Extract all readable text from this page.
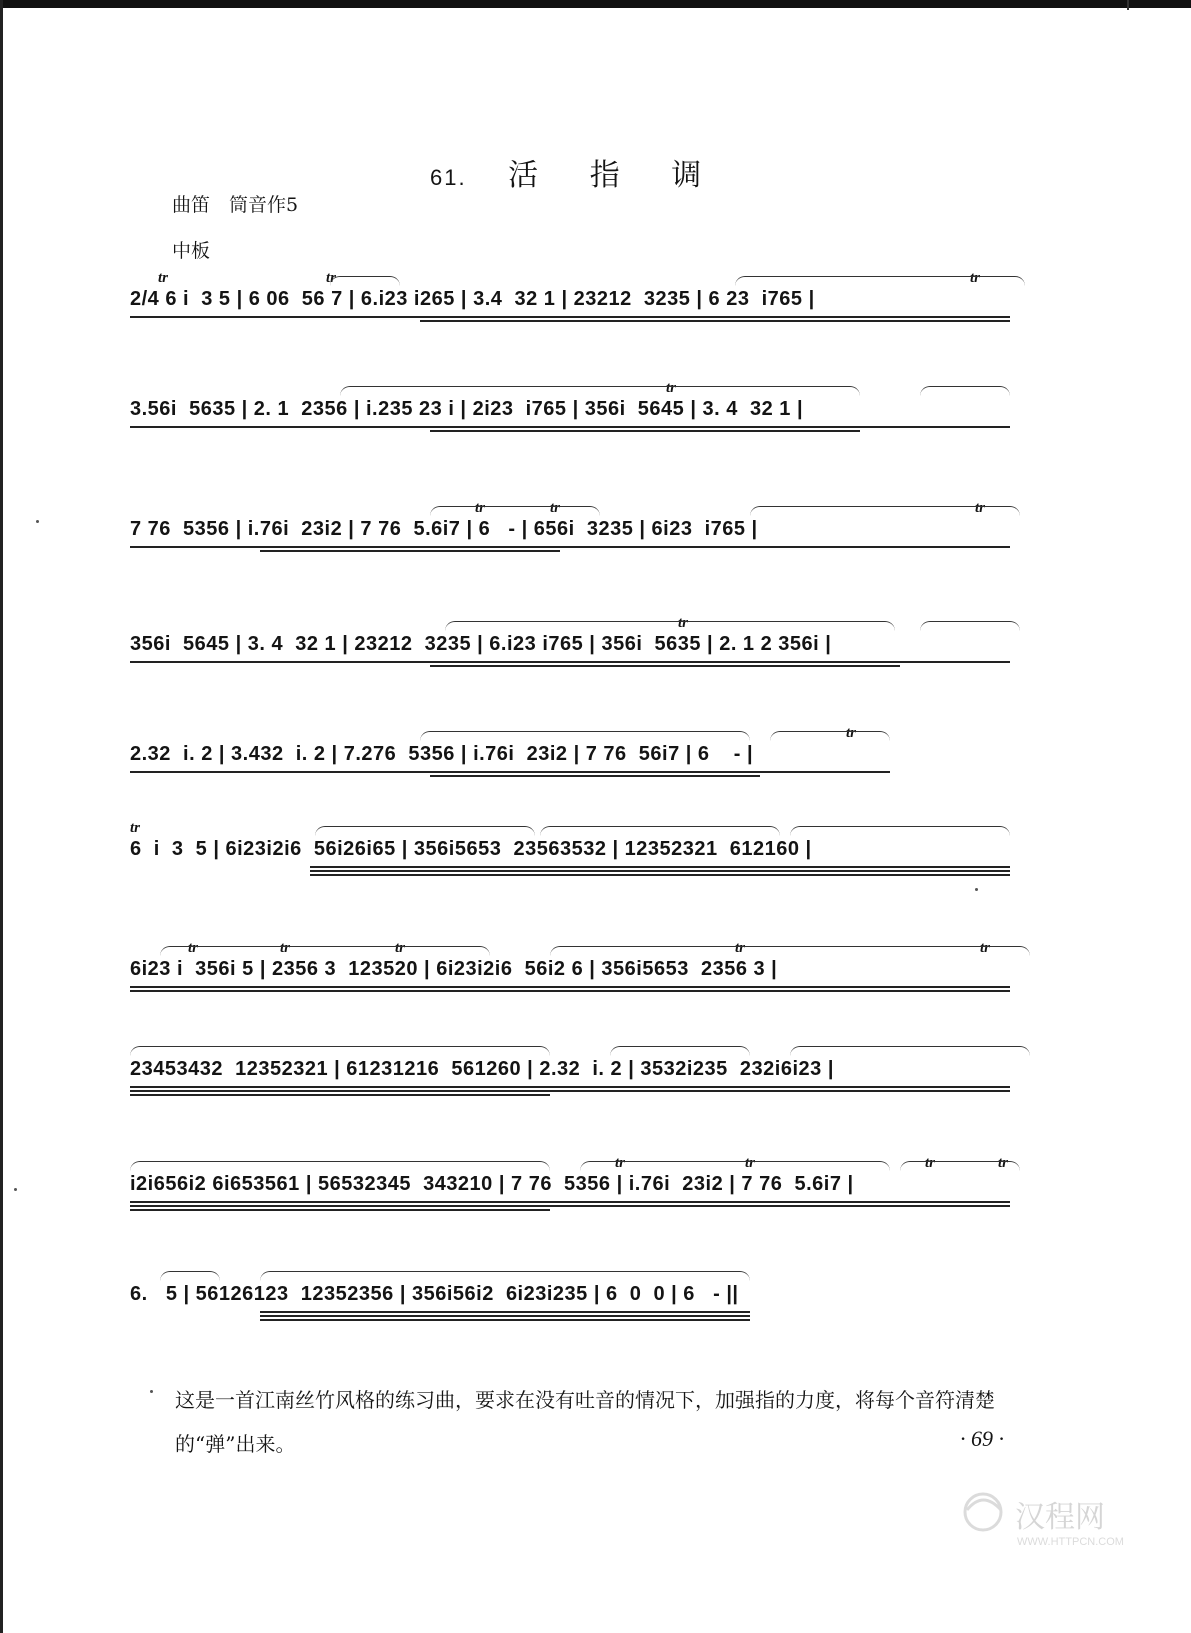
61. 活 指 调
曲笛　筒音作5
中板
tr	tr	tr
2/4 6 i  3 5 | 6 06  56 7 | 6.i23 i265 | 3.4  32 1 | 23212  3235 | 6 23  i765 |
tr
3.56i  5635 | 2. 1  2356 | i.235 23 i | 2i23  i765 | 356i  5645 | 3. 4  32 1 |
tr	tr	tr
7 76  5356 | i.76i  23i2 | 7 76  5.6i7 | 6   - | 656i  3235 | 6i23  i765 |
tr
356i  5645 | 3. 4  32 1 | 23212  3235 | 6.i23 i765 | 356i  5635 | 2. 1 2 356i |
tr
2.32  i. 2 | 3.432  i. 2 | 7.276  5356 | i.76i  23i2 | 7 76  56i7 | 6    - |
tr
6  i  3  5 | 6i23i2i6  56i26i65 | 356i5653  23563532 | 12352321  612160 |
tr	tr	tr	tr	tr
6i23 i  356i 5 | 2356 3  123520 | 6i23i2i6  56i2 6 | 356i5653  2356 3 |
23453432  12352321 | 61231216  561260 | 2.32  i. 2 | 3532i235  232i6i23 |
tr	tr	tr	tr
i2i656i2 6i653561 | 56532345  343210 | 7 76  5356 | i.76i  23i2 | 7 76  5.6i7 |
6.   5 | 56126123  12352356 | 356i56i2  6i23i235 | 6  0  0 | 6   - ||
这是一首江南丝竹风格的练习曲，要求在没有吐音的情况下，加强指的力度，将每个音符清楚的“弹”出来。	· 69 ·
汉程网
WWW.HTTPCN.COM
